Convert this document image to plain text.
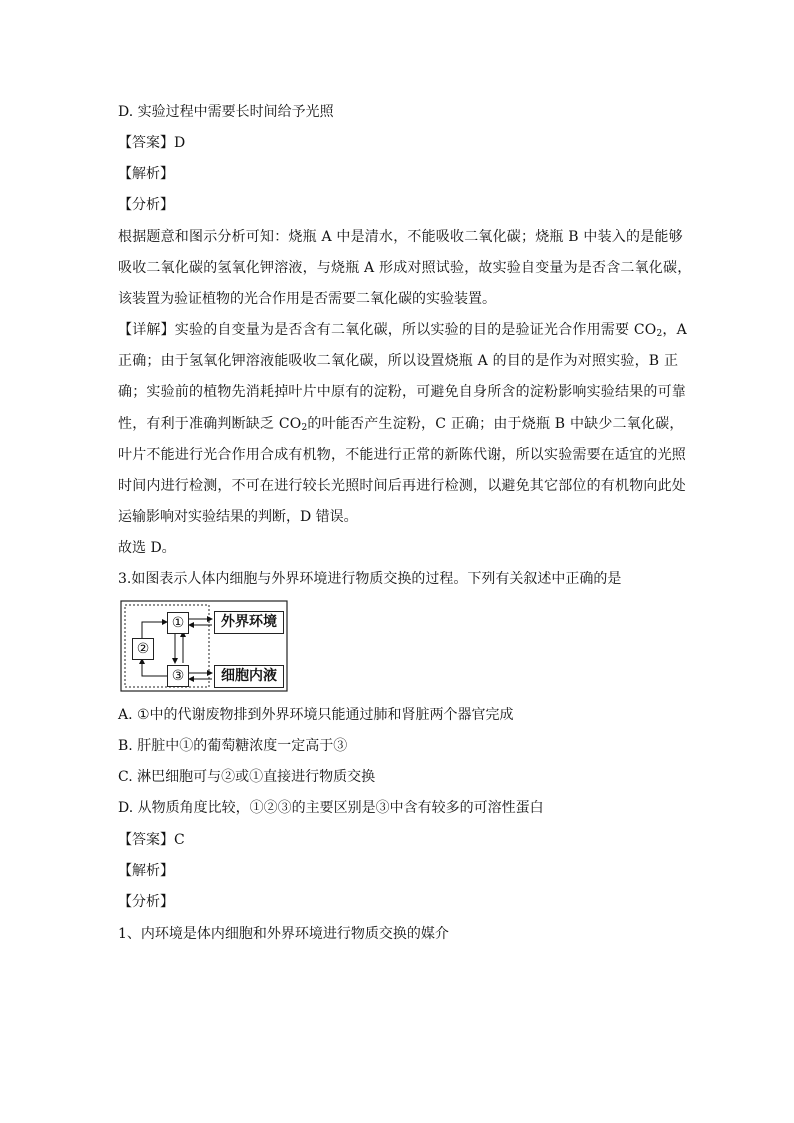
D. 实验过程中需要长时间给予光照
【答案】D
【解析】
【分析】
根据题意和图示分析可知：烧瓶 A 中是清水，不能吸收二氧化碳；烧瓶 B 中装入的是能够
吸收二氧化碳的氢氧化钾溶液，与烧瓶 A 形成对照试验，故实验自变量为是否含二氧化碳，
该装置为验证植物的光合作用是否需要二氧化碳的实验装置。
【详解】实验的自变量为是否含有二氧化碳，所以实验的目的是验证光合作用需要 $CO_2$，A
正确；由于氢氧化钾溶液能吸收二氧化碳，所以设置烧瓶 A 的目的是作为对照实验，B 正
确；实验前的植物先消耗掉叶片中原有的淀粉，可避免自身所含的淀粉影响实验结果的可靠
性，有利于准确判断缺乏 $CO_2$的叶能否产生淀粉，C 正确；由于烧瓶 B 中缺少二氧化碳，
叶片不能进行光合作用合成有机物，不能进行正常的新陈代谢，所以实验需要在适宜的光照
时间内进行检测，不可在进行较长光照时间后再进行检测，以避免其它部位的有机物向此处
运输影响对实验结果的判断，D 错误。
故选 D。
3.如图表示人体内细胞与外界环境进行物质交换的过程。下列有关叙述中正确的是
①
②
③
外界环境
细胞内液
A. ①中的代谢废物排到外界环境只能通过肺和肾脏两个器官完成
B. 肝脏中①的葡萄糖浓度一定高于③
C. 淋巴细胞可与②或①直接进行物质交换
D. 从物质角度比较，①②③的主要区别是③中含有较多的可溶性蛋白
【答案】C
【解析】
【分析】
1、内环境是体内细胞和外界环境进行物质交换的媒介
